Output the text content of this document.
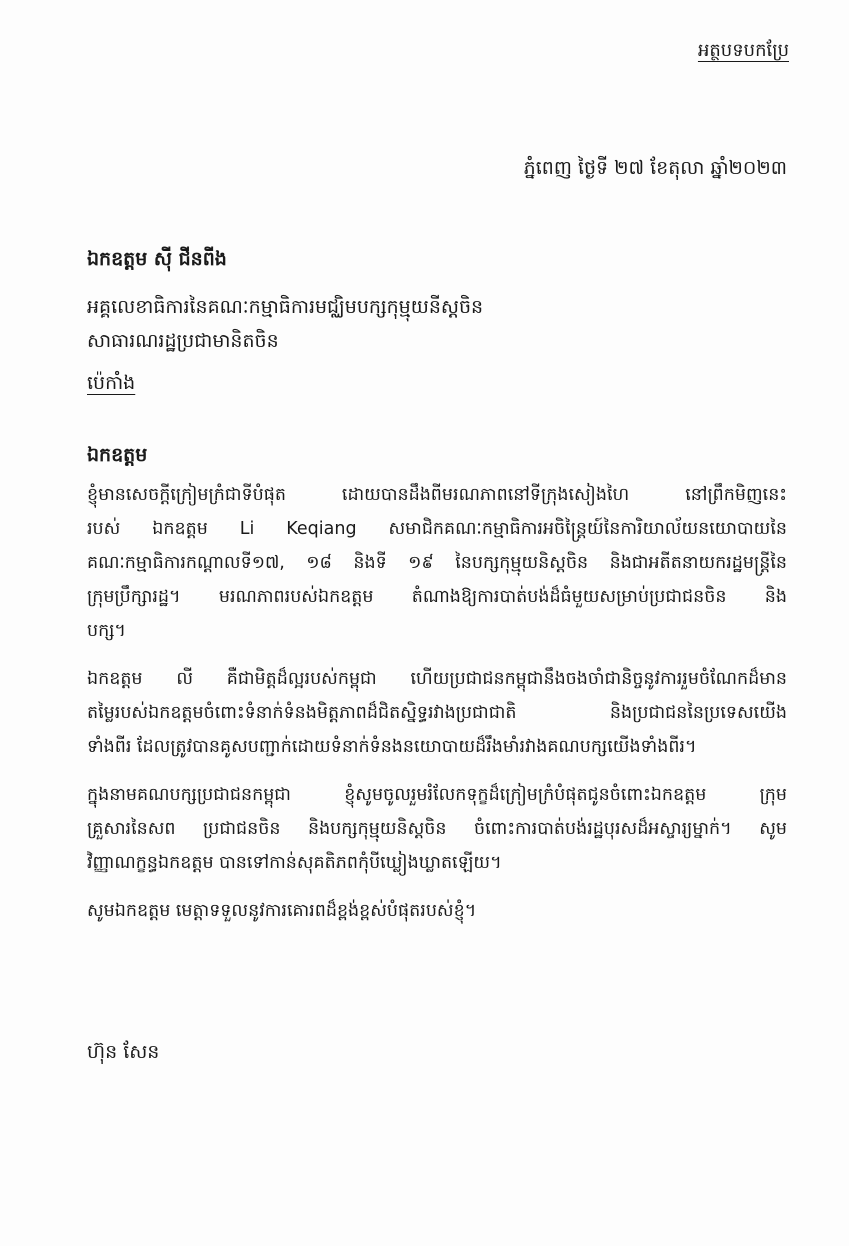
អត្ថបទបកប្រែ
ភ្នំពេញ ថ្ងៃទី ២៧ ខែតុលា ឆ្នាំ២០២៣
ឯកឧត្តម ស៊ី ជីនពីង
អគ្គលេខាធិការនៃគណៈកម្មាធិការមជ្ឈិមបក្សកុម្មុយនីស្តចិន
សាធារណរដ្ឋប្រជាមានិតចិន
ប៉េកាំង
ឯកឧត្តម
ខ្ញុំមានសេចក្តីក្រៀមក្រំជាទីបំផុត ដោយបានដឹងពីមរណភាពនៅទីក្រុងសៀងហៃ នៅព្រឹកមិញនេះ
របស់ ឯកឧត្តម Li Keqiang សមាជិកគណៈកម្មាធិការអចិន្ត្រៃយ៍នៃការិយាល័យនយោបាយនៃ
គណៈកម្មាធិការកណ្ដាលទី១៧, ១៨ និងទី ១៩ នៃបក្សកុម្មុយនិស្តចិន និងជាអតីតនាយករដ្ឋមន្ត្រីនៃ
ក្រុមប្រឹក្សារដ្ឋ។ មរណភាពរបស់ឯកឧត្តម តំណាងឱ្យការបាត់បង់ដ៏ធំមួយសម្រាប់ប្រជាជនចិន និង
បក្ស។
ឯកឧត្តម លី គឺជាមិត្តដ៏ល្អរបស់កម្ពុជា ហើយប្រជាជនកម្ពុជានឹងចងចាំជានិច្ចនូវការរួមចំណែកដ៏មាន
តម្លៃរបស់ឯកឧត្តមចំពោះទំនាក់ទំនងមិត្តភាពដ៏ជិតស្និទ្ធរវាងប្រជាជាតិ និងប្រជាជននៃប្រទេសយើង
ទាំងពីរ ដែលត្រូវបានគូសបញ្ជាក់ដោយទំនាក់ទំនងនយោបាយដ៏រឹងមាំរវាងគណបក្សយើងទាំងពីរ។
ក្នុងនាមគណបក្សប្រជាជនកម្ពុជា ខ្ញុំសូមចូលរួមរំលែកទុក្ខដ៏ក្រៀមក្រំបំផុតជូនចំពោះឯកឧត្តម ក្រុម
គ្រួសារនៃសព ប្រជាជនចិន និងបក្សកុម្មុយនិស្តចិន ចំពោះការបាត់បង់រដ្ឋបុរសដ៏អស្ចារ្យម្នាក់។ សូម
វិញ្ញាណក្ខន្ធឯកឧត្តម បានទៅកាន់សុគតិភពកុំបីឃ្លៀងឃ្លាតឡើយ។
សូមឯកឧត្តម មេត្តាទទួលនូវការគោរពដ៏ខ្ពង់ខ្ពស់បំផុតរបស់ខ្ញុំ។
ហ៊ុន សែន
